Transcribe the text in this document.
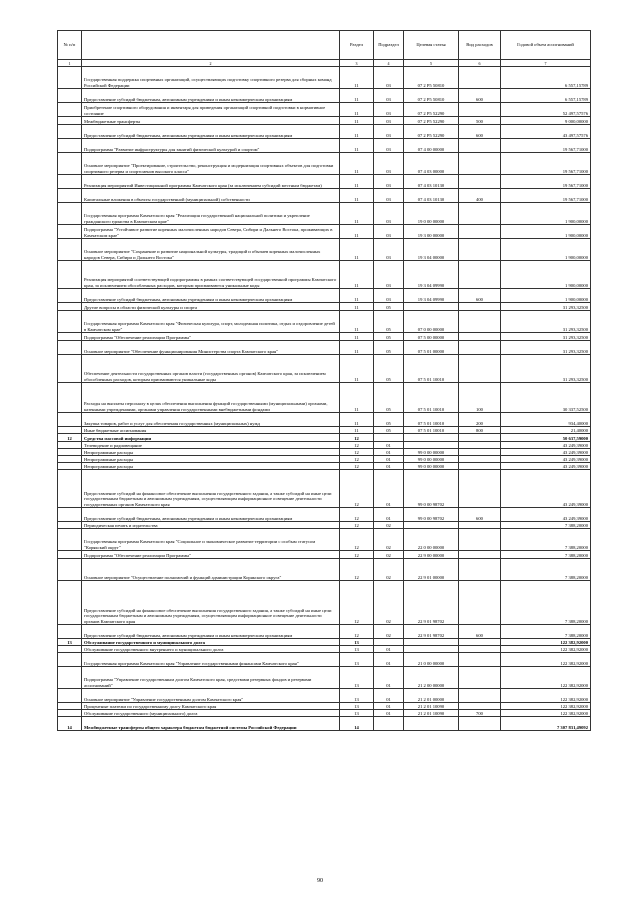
№ п/п		Раздел	Подраздел	Целевая статья	Вид расходов	Годовой объем ассигнований
1	2	3	4	5	6	7
	Государственная поддержка спортивных организаций, осуществляющих подготовку спортивного резерва для сборных команд Российской Федерации	11	03	07 2 P5 50810		6 557,15789
	Предоставление субсидий бюджетным, автономным учреждениям и иным некоммерческим организациям	11	03	07 2 P5 50810	600	6 557,15789
	Приобретение спортивного оборудования и инвентаря для приведения организаций спортивной подготовки в нормативное состояние	11	03	07 2 P5 52290		52 497,57576
	Межбюджетные трансферты	11	03	07 2 P5 52290	500	9 000,00000
	Предоставление субсидий бюджетным, автономным учреждениям и иным некоммерческим организациям	11	03	07 2 P5 52290	600	43 497,57576
	Подпрограмма "Развитие инфраструктуры для занятий физической культурой и спортом"	11	03	07 4 00 00000		19 567,71000
	Основное мероприятие "Проектирование, строительство, реконструкция и модернизация спортивных объектов для подготовки спортивного резерва и спортсменов высокого класса"	11	03	07 4 03 00000		19 567,71000
	Реализация мероприятий Инвестиционной программы Камчатского края (за исключением субсидий местным бюджетам)	11	03	07 4 03 10130		19 567,71000
	Капитальные вложения в объекты государственной (муниципальной) собственности	11	03	07 4 03 10130	400	19 567,71000
	Государственная программа Камчатского края "Реализация государственной национальной политики и укрепление гражданского единства в Камчатском крае"	11	03	19 0 00 00000		1 900,00000
	Подпрограмма "Устойчивое развитие коренных малочисленных народов Севера, Сибири и Дальнего Востока, проживающих в Камчатском крае"	11	03	19 3 00 00000		1 900,00000
	Основное мероприятие "Сохранение и развитие национальной культуры, традиций и обычаев коренных малочисленных народов Севера, Сибири и Дальнего Востока"	11	03	19 3 04 00000		1 900,00000
	Реализация мероприятий соответствующей подпрограммы в рамках соответствующей государственной программы Камчатского края, за исключением обособленных расходов, которым присваиваются уникальные коды	11	03	19 3 04 09990		1 900,00000
	Предоставление субсидий бюджетным, автономным учреждениям и иным некоммерческим организациям	11	03	19 3 04 09990	600	1 900,00000
	Другие вопросы в области физической культуры и спорта	11	05			31 293,32500
	Государственная программа Камчатского края "Физическая культура, спорт, молодежная политика, отдых и оздоровление детей в Камчатском крае"	11	05	07 0 00 00000		31 293,32500
	Подпрограмма "Обеспечение реализации Программы"	11	05	07 5 00 00000		31 293,32500
	Основное мероприятие "Обеспечение функционирования Министерства спорта Камчатского края"	11	05	07 5 01 00000		31 293,32500
	Обеспечение деятельности государственных органов власти (государственных органов) Камчатского края, за исключением обособленных расходов, которым присваиваются уникальные коды	11	05	07 5 01 10010		31 293,32500
	Расходы на выплаты персоналу в целях обеспечения выполнения функций государственными (муниципальными) органами, казенными учреждениями, органами управления государственными внебюджетными фондами	11	05	07 5 01 10010	100	30 337,52500
	Закупка товаров, работ и услуг для обеспечения государственных (муниципальных) нужд	11	05	07 5 01 10010	200	934,40000
	Иные бюджетные ассигнования	11	05	07 5 01 10010	800	21,40000
12	Средства массовой информации	12				50 637,59000
	Телевидение и радиовещание	12	01			43 249,39000
	Непрограммные расходы	12	01	99 0 00 00000		43 249,39000
	Непрограммные расходы	12	01	99 0 00 00000		43 249,39000
	Непрограммные расходы	12	01	99 0 00 00000		43 249,39000
	Предоставление субсидий на финансовое обеспечение выполнения государственного задания, а также субсидий на иные цели государственным бюджетным и автономным учреждениям, осуществляющим информационное освещение деятельности государственных органов Камчатского края	12	01	99 0 00 98702		43 249,39000
	Предоставление субсидий бюджетным, автономным учреждениям и иным некоммерческим организациям	12	01	99 0 00 98702	600	43 249,39000
	Периодическая печать и издательства	12	02			7 388,20000
	Государственная программа Камчатского края "Социальное и экономическое развитие территории с особым статусом "Корякский округ"	12	02	22 0 00 00000		7 388,20000
	Подпрограмма "Обеспечение реализации Программы"	12	02	22 9 00 00000		7 388,20000
	Основное мероприятие "Осуществление полномочий и функций администрации Корякского округа"	12	02	22 9 01 00000		7 388,20000
	Предоставление субсидий на финансовое обеспечение выполнения государственного задания, а также субсидий на иные цели государственным бюджетным и автономным учреждениям, осуществляющим информационное освещение деятельности органов Камчатского края	12	02	22 9 01 98702		7 388,20000
	Предоставление субсидий бюджетным, автономным учреждениям и иным некоммерческим организациям	12	02	22 9 01 98702	600	7 388,20000
13	Обслуживание государственного и муниципального долга	13				122 382,92000
	Обслуживание государственного внутреннего и муниципального долга	13	01			122 382,92000
	Государственная программа Камчатского края "Управление государственными финансами Камчатского края"	13	01	21 0 00 00000		122 382,92000
	Подпрограмма "Управление государственным долгом Камчатского края, средствами резервных фондов и резервами ассигнований"	13	01	21 2 00 00000		122 382,92000
	Основное мероприятие "Управление государственным долгом Камчатского края"	13	01	21 2 01 00000		122 382,92000
	Процентные платежи по государственному долгу Камчатского края	13	01	21 2 01 10090		122 382,92000
	Обслуживание государственного (муниципального) долга	13	01	21 2 01 10090	700	122 382,92000
14	Межбюджетные трансферты общего характера бюджетам бюджетной системы Российской Федерации	14				7 307 831,49092
90
